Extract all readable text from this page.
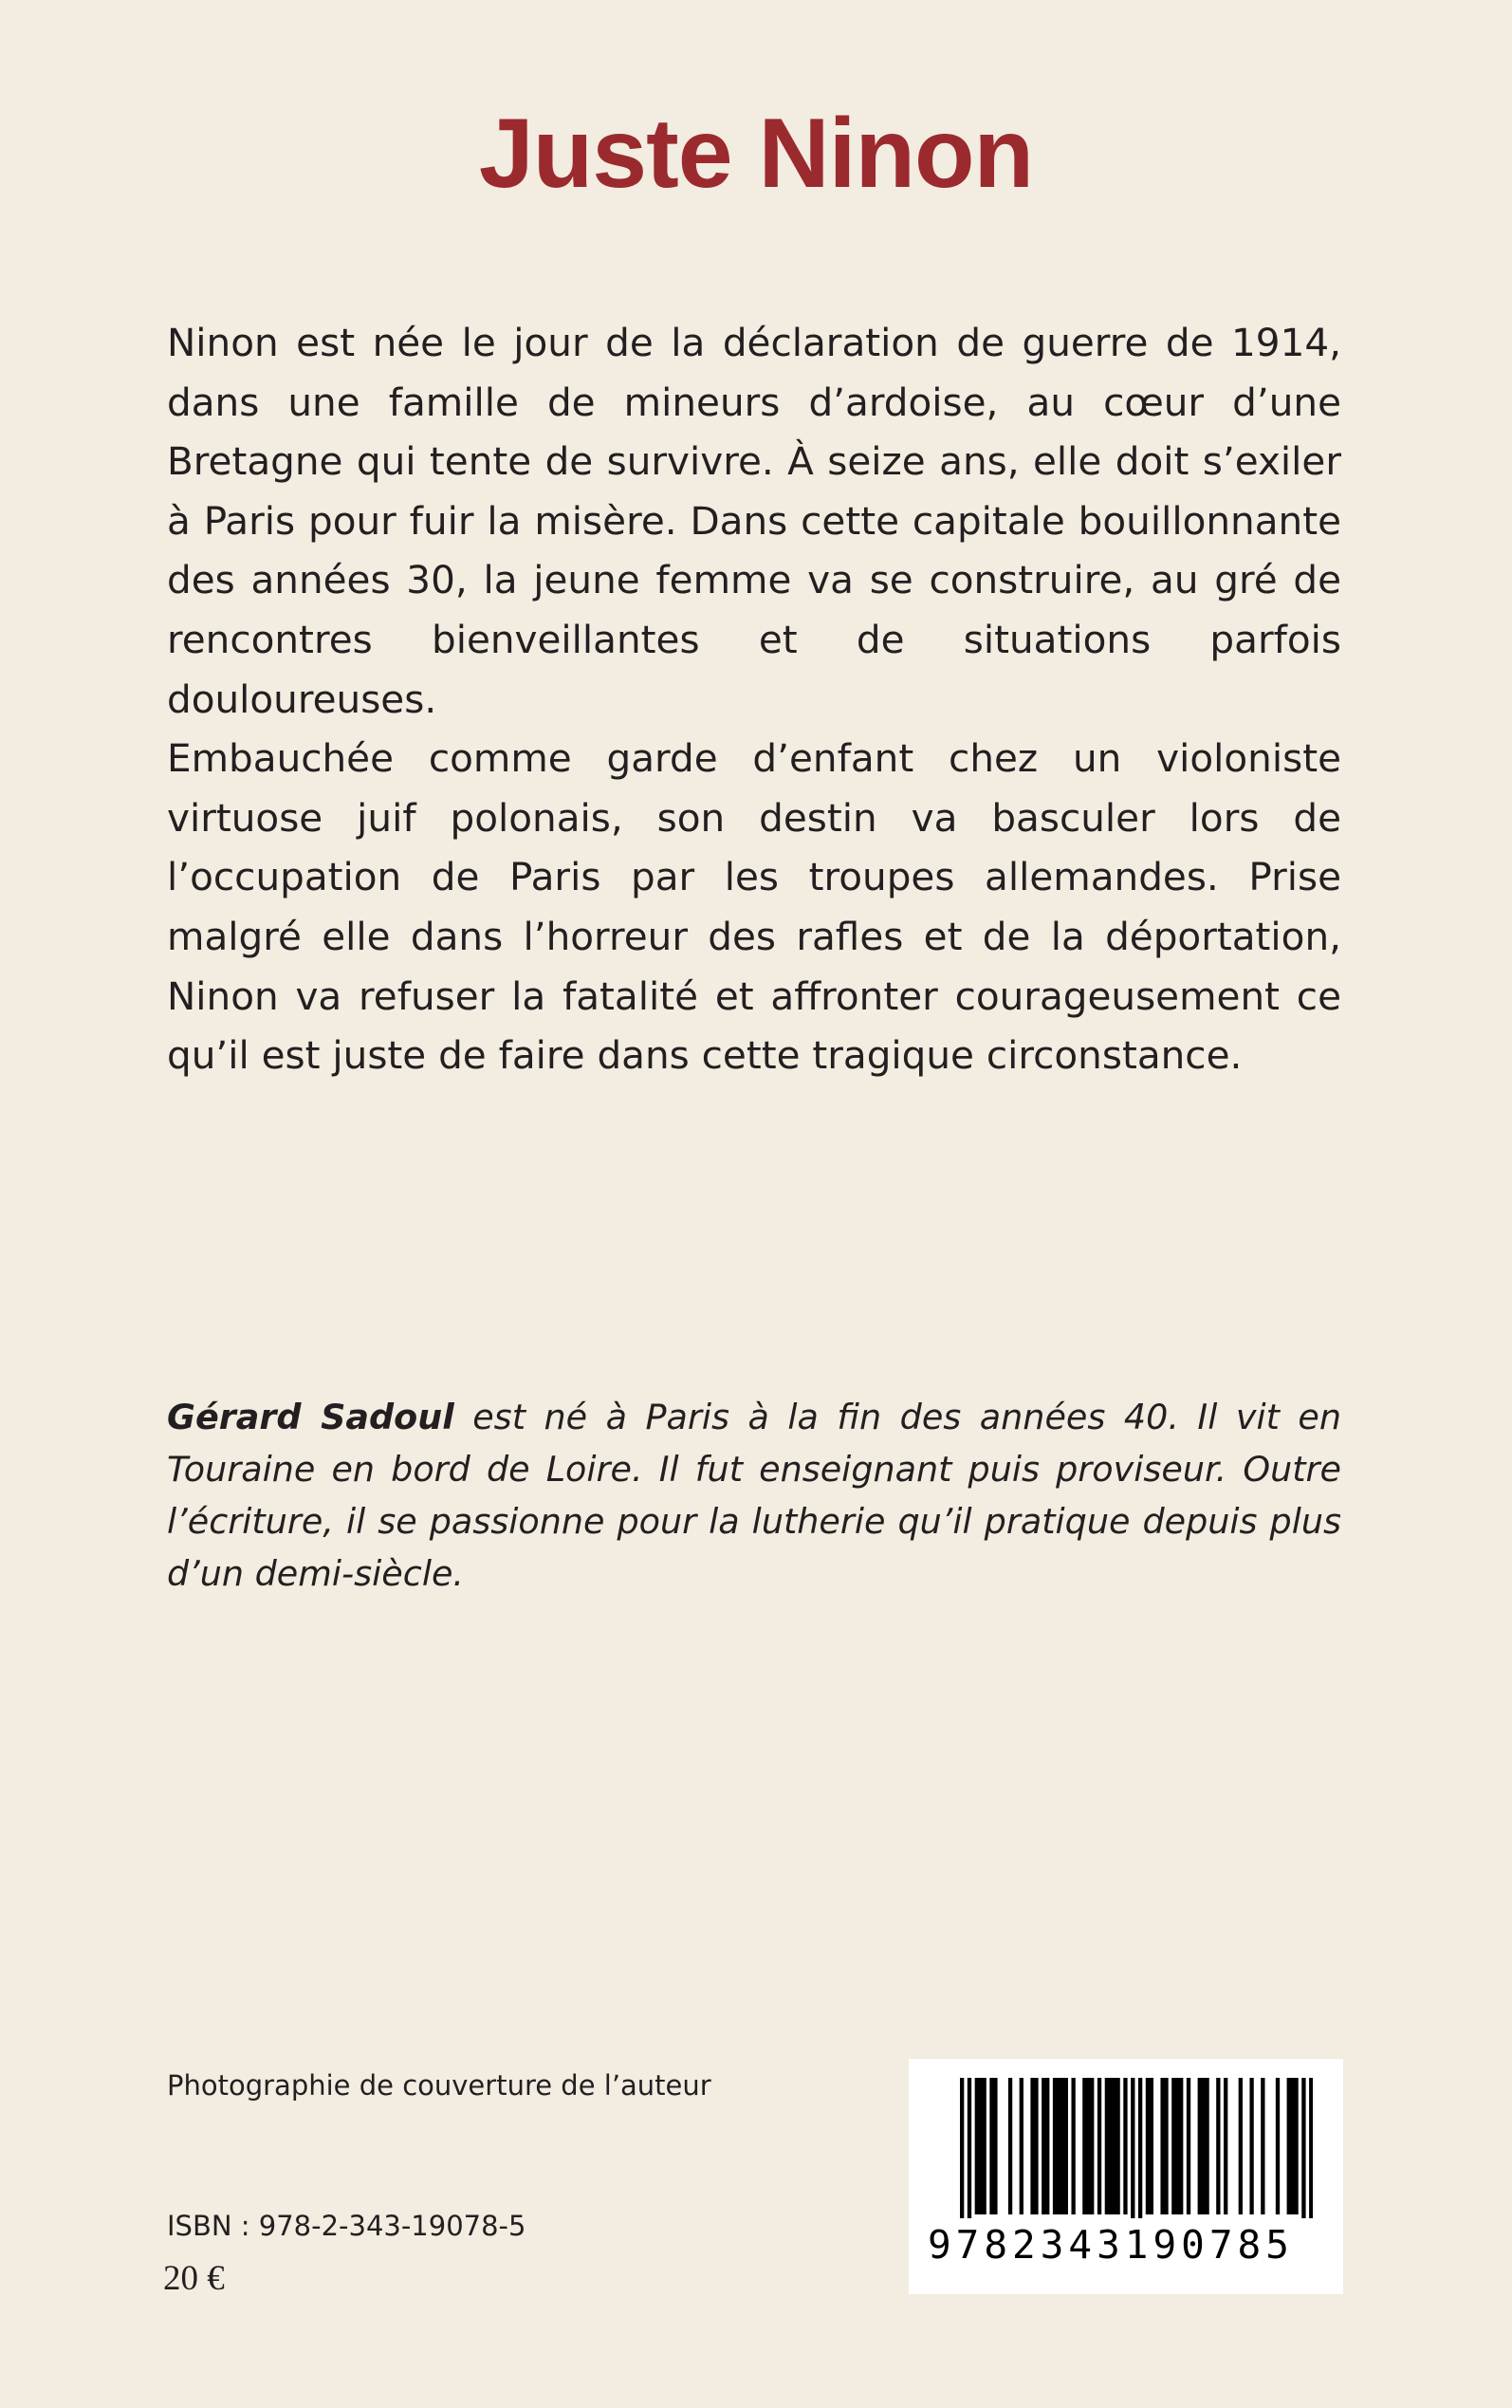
Juste Ninon

Ninon est née le jour de la déclaration de guerre de 1914, dans une famille de mineurs d’ardoise, au cœur d’une Bretagne qui tente de survivre. À seize ans, elle doit s’exiler à Paris pour fuir la misère. Dans cette capitale bouillonnante des années 30, la jeune femme va se construire, au gré de rencontres bienveillantes et de situations parfois douloureuses.

Embauchée comme garde d’enfant chez un violoniste virtuose juif polonais, son destin va basculer lors de l’occupation de Paris par les troupes allemandes. Prise malgré elle dans l’horreur des rafles et de la déportation, Ninon va refuser la fatalité et affronter courageusement ce qu’il est juste de faire dans cette tragique circonstance.

Gérard Sadoul est né à Paris à la fin des années 40. Il vit en Touraine en bord de Loire. Il fut enseignant puis proviseur. Outre l’écriture, il se passionne pour la lutherie qu’il pratique depuis plus d’un demi-siècle.

Photographie de couverture de l’auteur

ISBN : 978-2-343-19078-5

20 €

9782343190785
